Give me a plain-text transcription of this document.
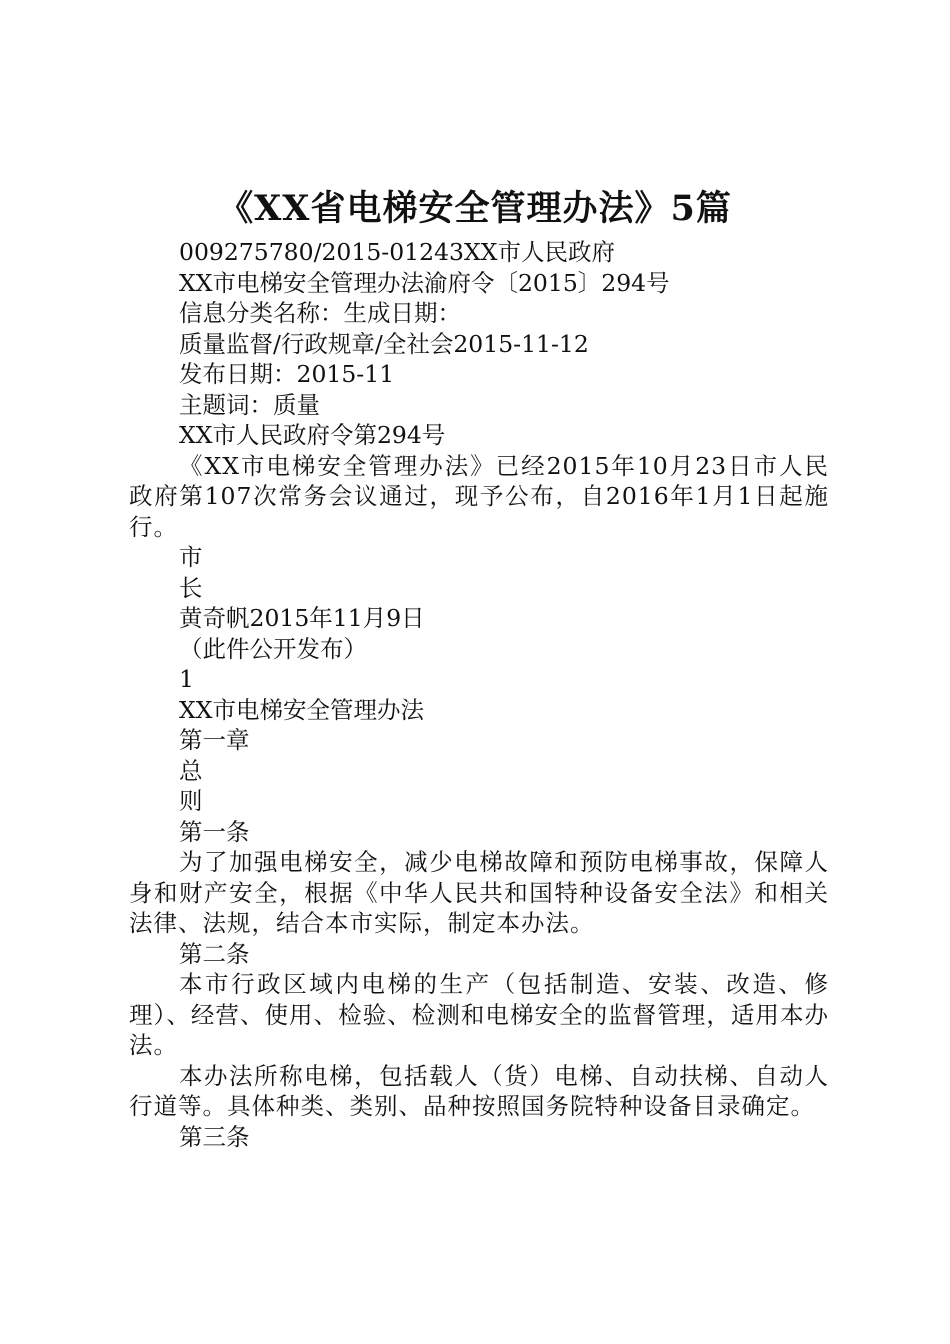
《XX省电梯安全管理办法》5篇
009275780/2015-01243XX市人民政府
XX市电梯安全管理办法渝府令〔2015〕294号
信息分类名称：生成日期：
质量监督/行政规章/全社会2015-11-12
发布日期：2015-11
主题词：质量
XX市人民政府令第294号
《XX市电梯安全管理办法》已经2015年10月23日市人民政府第107次常务会议通过，现予公布，自2016年1月1日起施行。
市
长
黄奇帆2015年11月9日
（此件公开发布）
1
XX市电梯安全管理办法
第一章
总
则
第一条
为了加强电梯安全，减少电梯故障和预防电梯事故，保障人身和财产安全，根据《中华人民共和国特种设备安全法》和相关法律、法规，结合本市实际，制定本办法。
第二条
本市行政区域内电梯的生产（包括制造、安装、改造、修理）、经营、使用、检验、检测和电梯安全的监督管理，适用本办法。
本办法所称电梯，包括载人（货）电梯、自动扶梯、自动人行道等。具体种类、类别、品种按照国务院特种设备目录确定。
第三条
